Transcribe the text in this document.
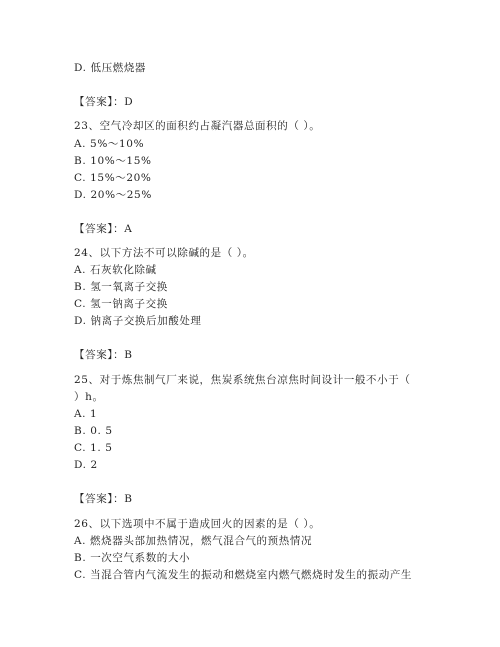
D. 低压燃烧器
【答案】：D
23、空气冷却区的面积约占凝汽器总面积的（ ）。
A. 5%～10%
B. 10%～15%
C. 15%～20%
D. 20%～25%
【答案】：A
24、以下方法不可以除碱的是（ ）。
A. 石灰软化除碱
B. 氢一氧离子交换
C. 氢一钠离子交换
D. 钠离子交换后加酸处理
【答案】：B
25、对于炼焦制气厂来说，焦炭系统焦台凉焦时间设计一般不小于（
）h。
A. 1
B. 0. 5
C. 1. 5
D. 2
【答案】：B
26、以下选项中不属于造成回火的因素的是（ ）。
A. 燃烧器头部加热情况，燃气混合气的预热情况
B. 一次空气系数的大小
C. 当混合管内气流发生的振动和燃烧室内燃气燃烧时发生的振动产生
